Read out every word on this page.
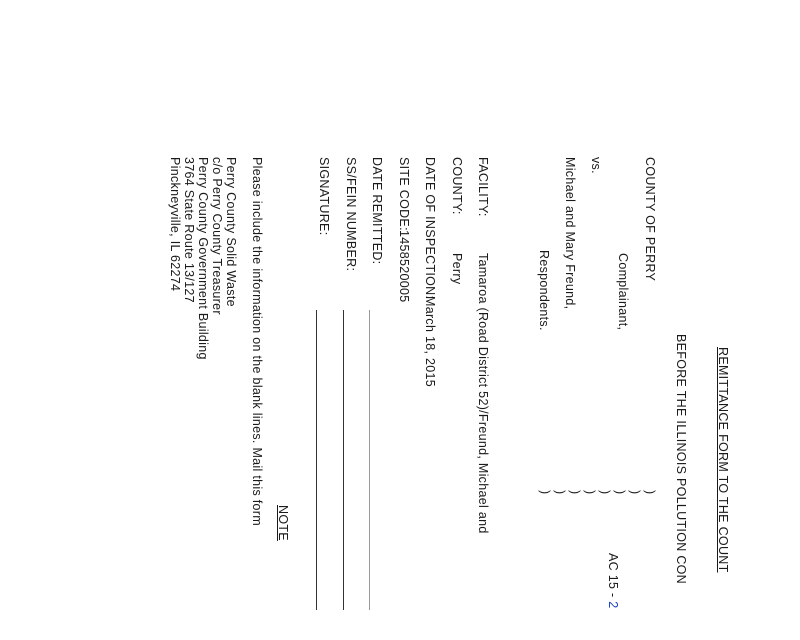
REMITTANCE FORM TO THE COUNT
BEFORE THE ILLINOIS POLLUTION CON
COUNTY OF PERRY
Complainant,
vs.
Michael and Mary Freund,
Respondents.
)
)
)
)
)
)
)
)
AC 15 - 2
FACILITY:
Tamaroa (Road District 52)/Freund, Michael and
COUNTY:
Perry
DATE OF INSPECTION:
March 18, 2015
SITE CODE:
1458520005
DATE REMITTED:
SS/FEIN NUMBER:
SIGNATURE:
NOTE
Please include the information on the blank lines. Mail this form
Perry County Solid Waste
c/o Perry County Treasurer
Perry County Government Building
3764 State Route 13/127
Pinckneyville, IL 62274
